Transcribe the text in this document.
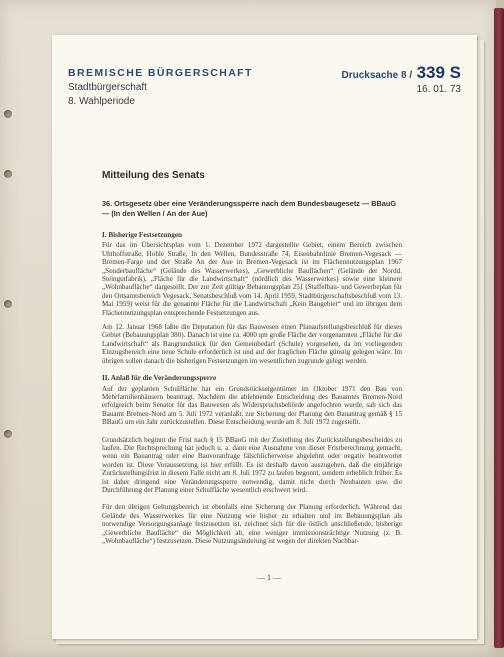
BREMISCHE BÜRGERSCHAFT
Stadtbürgerschaft
8. Wahlperiode
Drucksache 8 / 339 S
16. 01. 73
Mitteilung des Senats
36. Ortsgesetz über eine Veränderungssperre nach dem Bundesbaugesetz — BBauG — (In den Wellen / An der Aue)
I. Bisherige Festsetzungen

Für das im Übersichtsplan vom 1. Dezember 1972 dargestellte Gebiet, einem Bereich zwischen Uhthoffstraße, Hohle Straße, In den Wellen, Bundesstraße 74, Eisenbahnlinie Bremen-Vegesack — Bremen-Farge und der Straße An der Aue in Bremen-Vegesack ist im Flächennutzungsplan 1967 „Sonderbaufläche“ (Gelände des Wasserwerkes), „Gewerbliche Bauflächen“ (Gelände der Nordd. Steingutfabrik), „Fläche für die Landwirtschaft“ (nördlich des Wasserwerkes) sowie eine kleinere „Wohnbaufläche“ dargestellt. Der zur Zeit gültige Bebauungsplan 251 (Staffelbau- und Gewerbeplan für den Ortsamtsbereich Vegesack, Senatsbeschluß vom 14. April 1959, Stadtbürgerschaftsbeschluß vom 13. Mai 1959) weist für die genannte Fläche für die Landwirtschaft „Kein Baugebiet“ und im übrigen dem Flächennutzungsplan entsprechende Festsetzungen aus.

Am 12. Januar 1968 faßte die Deputation für das Bauwesen einen Planaufstellungsbeschluß für dieses Gebiet (Bebauungsplan 380). Danach ist eine ca. 4000 qm große Fläche der vorgenannten „Fläche für die Landwirtschaft“ als Baugrundstück für den Gemeinbedarf (Schule) vorgesehen, da im vorliegenden Einzugsbereich eine neue Schule erforderlich ist und auf der fraglichen Fläche günstig gelegen wäre. Im übrigen sollen danach die bisherigen Festsetzungen im wesentlichen zugrunde gelegt werden.

II. Anlaß für die Veränderungssperre

Auf der geplanten Schulfläche hat ein Grundstückseigentümer im Oktober 1971 den Bau von Mehrfamilienhäusern beantragt. Nachdem die ablehnende Entscheidung des Bauamtes Bremen-Nord erfolgreich beim Senator für das Bauwesen als Widerspruchsbehörde angefochten wurde, sah sich das Bauamt Bremen-Nord am 5. Juli 1972 veranlaßt, zur Sicherung der Planung den Bauantrag gemäß § 15 BBauG um ein Jahr zurückzustellen. Diese Entscheidung wurde am 8. Juli 1972 zugestellt.

Grundsätzlich beginnt die Frist nach § 15 BBauG mit der Zustellung des Zurückstellungsbescheides zu laufen. Die Rechtsprechung hat jedoch u. a. dann eine Ausnahme von dieser Fristberechnung gemacht, wenn ein Bauantrag oder eine Bauvoranfrage fälschlicherweise abgelehnt oder negativ beantwortet worden ist. Diese Voraussetzung ist hier erfüllt. Es ist deshalb davon auszugehen, daß die einjährige Zurückstellungsfrist in diesem Falle nicht am 8. Juli 1972 zu laufen begonnt, sondern erheblich früher. Es ist daher dringend eine Veränderungssperre notwendig, damit nicht durch Neubauten usw. die Durchführung der Planung einer Schulfläche wesentlich erschwert wird.

Für den übrigen Geltungsbereich ist ebenfalls eine Sicherung der Planung erforderlich. Während das Gelände des Wasserwerkes für eine Nutzung wie bisher zu erhalten und im Bebauungsplan als notwendige Versorgungsanlage festzusetzen ist, zeichnet sich für die östlich anschließende, bisherige „Gewerbliche Baufläche“ die Möglichkeit ab, eine weniger immissionsträchtige Nutzung (z. B. „Wohnbaufläche“) festzusetzen. Diese Nutzungsänderung ist wegen der direkten Nachbar-

— 1 —
